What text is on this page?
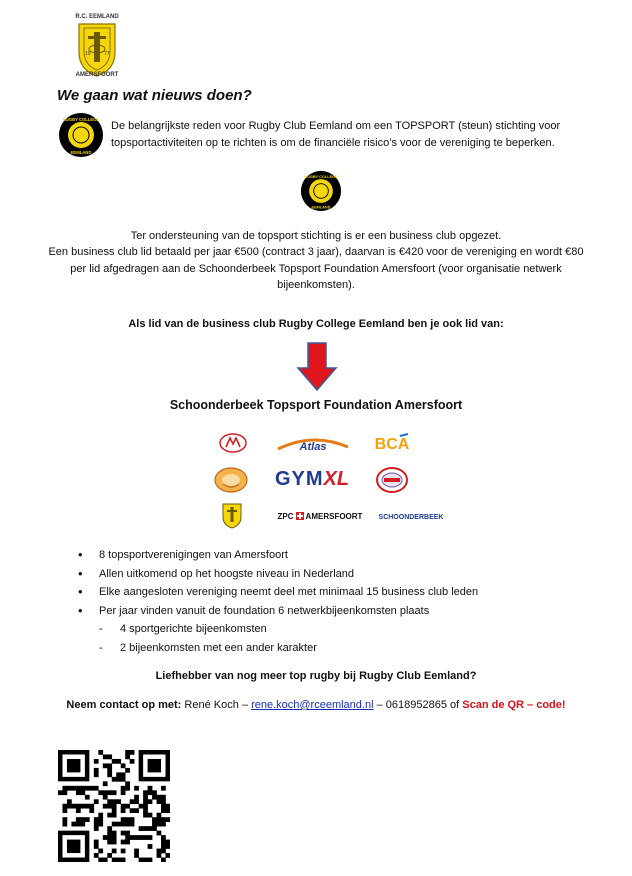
R.C. EEMLAND
19	77
AMERSFOORT

We gaan wat nieuws doen?

RUGBY COLLEGE
EEMLAND

De belangrijkste reden voor Rugby Club Eemland om een TOPSPORT (steun) stichting voor topsportactiviteiten op te richten is om de financiële risico’s voor de vereniging te beperken.

RUGBY COLLEGE
EEMLAND

Ter ondersteuning van de topsport stichting is er een business club opgezet.

Een business club lid betaald per jaar €500 (contract 3 jaar), daarvan is €420 voor de vereniging en wordt €80 per lid afgedragen aan de Schoonderbeek Topsport Foundation Amersfoort (voor organisatie netwerk bijeenkomsten).

Als lid van de business club Rugby College Eemland ben je ook lid van:

Schoonderbeek Topsport Foundation Amersfoort

Atlas	BCA
GYM XL
ZPC AMERSFOORT SCHOONDERBEEK
• 8 topsportverenigingen van Amersfoort
• Allen uitkomend op het hoogste niveau in Nederland
• Elke aangesloten vereniging neemt deel met minimaal 15 business club leden
• Per jaar vinden vanuit de foundation 6 netwerkbijeenkomsten plaats
- 4 sportgerichte bijeenkomsten
- 2 bijeenkomsten met een ander karakter

Liefhebber van nog meer top rugby bij Rugby Club Eemland?

Neem contact op met: René Koch – rene.koch@rceemland.nl – 0618952865 of Scan de QR – code!
